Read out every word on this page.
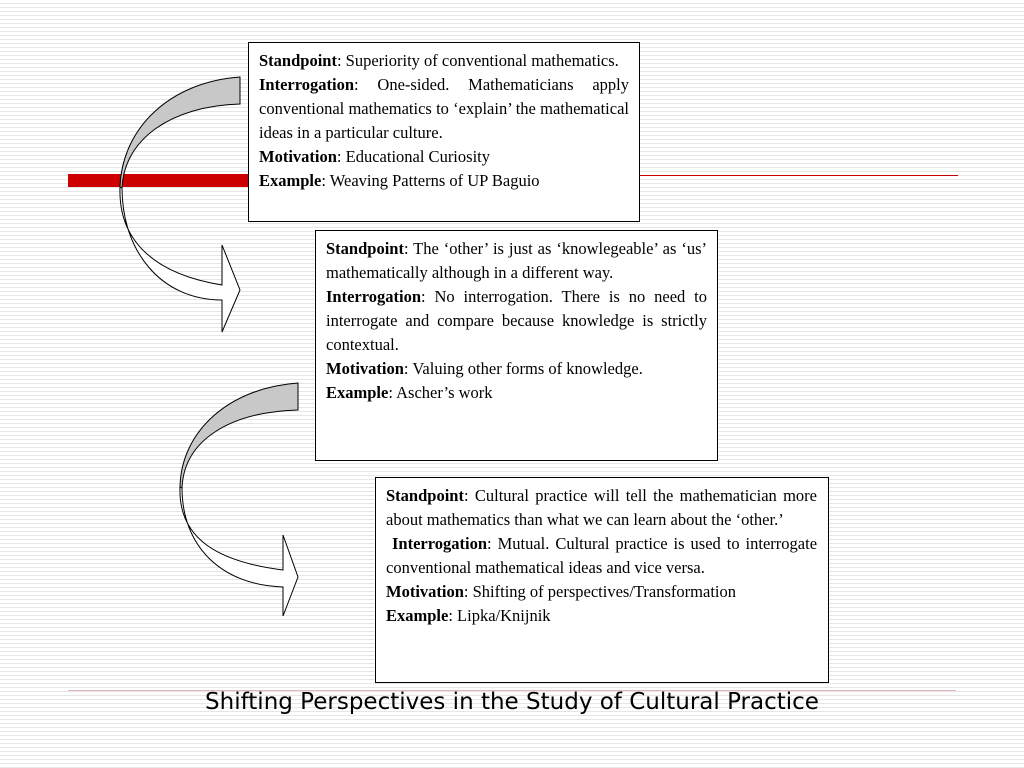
Standpoint: Superiority of conventional mathematics.

Interrogation: One-sided. Mathematicians apply conventional mathematics to ‘explain’ the mathematical ideas in a particular culture.

Motivation: Educational Curiosity

Example: Weaving Patterns of UP Baguio

Standpoint: The ‘other’ is just as ‘knowlegeable’ as ‘us’ mathematically although in a different way.

Interrogation: No interrogation. There is no need to interrogate and compare because knowledge is strictly contextual.

Motivation: Valuing other forms of knowledge.

Example: Ascher’s work

Standpoint: Cultural practice will tell the mathematician more about mathematics than what we can learn about the ‘other.’

Interrogation: Mutual. Cultural practice is used to interrogate conventional mathematical ideas and vice versa.

Motivation: Shifting of perspectives/Transformation

Example: Lipka/Knijnik

Shifting Perspectives in the Study of Cultural Practice
